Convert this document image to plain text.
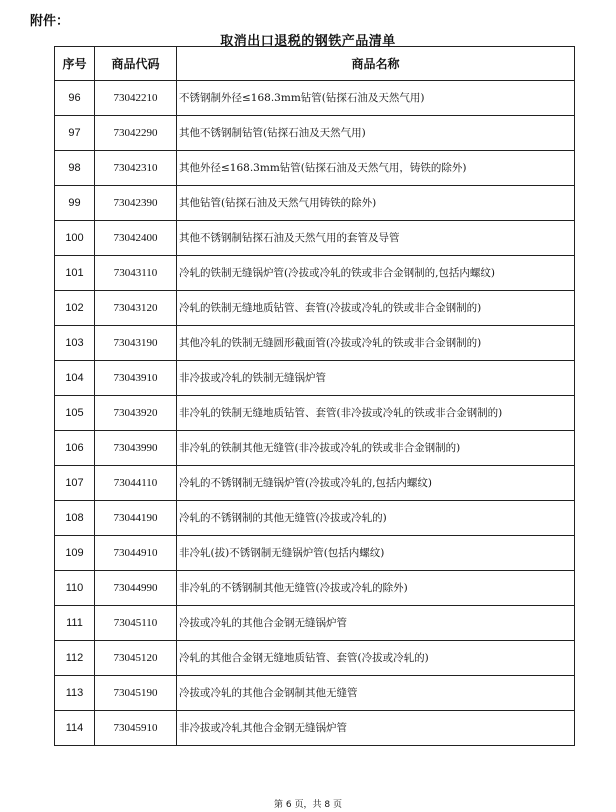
附件：
取消出口退税的钢铁产品清单
序号	商品代码	商品名称
96	73042210	不锈钢制外径≤168.3mm钻管(钻探石油及天然气用)
97	73042290	其他不锈钢制钻管(钻探石油及天然气用)
98	73042310	其他外径≤168.3mm钻管(钻探石油及天然气用，铸铁的除外)
99	73042390	其他钻管(钻探石油及天然气用铸铁的除外)
100	73042400	其他不锈钢制钻探石油及天然气用的套管及导管
101	73043110	冷轧的铁制无缝锅炉管(冷拔或冷轧的铁或非合金钢制的,包括内螺纹)
102	73043120	冷轧的铁制无缝地质钻管、套管(冷拔或冷轧的铁或非合金钢制的)
103	73043190	其他冷轧的铁制无缝圆形截面管(冷拔或冷轧的铁或非合金钢制的)
104	73043910	非冷拔或冷轧的铁制无缝锅炉管
105	73043920	非冷轧的铁制无缝地质钻管、套管(非冷拔或冷轧的铁或非合金钢制的)
106	73043990	非冷轧的铁制其他无缝管(非冷拔或冷轧的铁或非合金钢制的)
107	73044110	冷轧的不锈钢制无缝锅炉管(冷拔或冷轧的,包括内螺纹)
108	73044190	冷轧的不锈钢制的其他无缝管(冷拔或冷轧的)
109	73044910	非冷轧(拔)不锈钢制无缝锅炉管(包括内螺纹)
110	73044990	非冷轧的不锈钢制其他无缝管(冷拔或冷轧的除外)
111	73045110	冷拔或冷轧的其他合金钢无缝锅炉管
112	73045120	冷轧的其他合金钢无缝地质钻管、套管(冷拔或冷轧的)
113	73045190	冷拔或冷轧的其他合金钢制其他无缝管
114	73045910	非冷拔或冷轧其他合金钢无缝锅炉管
第 6 页，共 8 页
